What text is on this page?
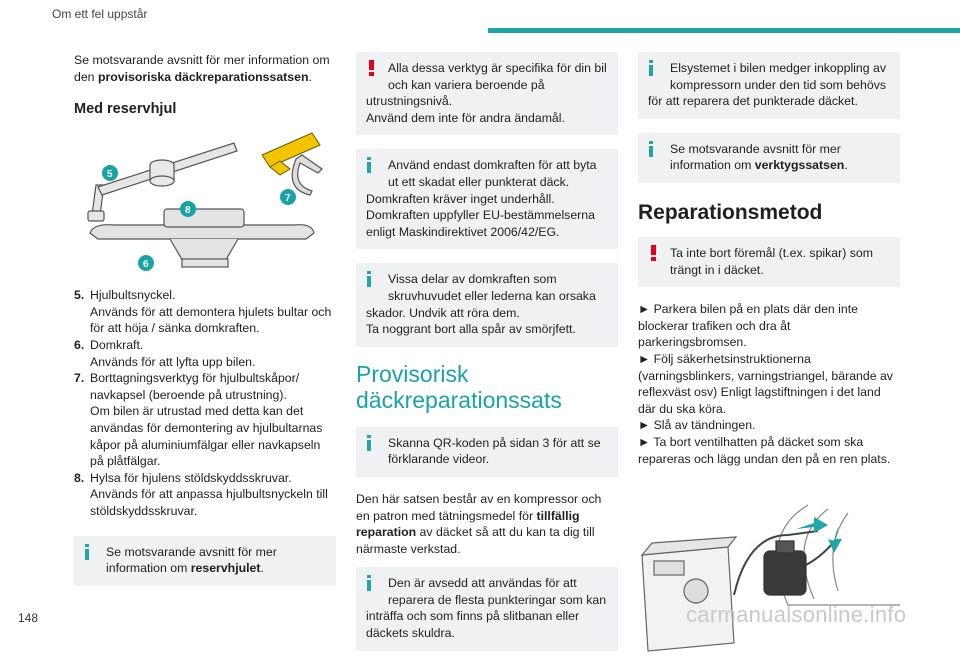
Om ett fel uppstår

Se motsvarande avsnitt för mer information om den provisoriska däckreparationssatsen.

Med reservhjul
5
8
7
6
5. Hjulbultsnyckel.
Används för att demontera hjulets bultar och för att höja / sänka domkraften.
6. Domkraft.
Används för att lyfta upp bilen.
7. Borttagningsverktyg för hjulbultskåpor/ navkapsel (beroende på utrustning).
Om bilen är utrustad med detta kan det användas för demontering av hjulbultarnas kåpor på aluminiumfälgar eller navkapseln på plåtfälgar.
8. Hylsa för hjulens stöldskyddsskruvar.
Används för att anpassa hjulbultsnyckeln till stöldskyddsskruvar.
Se motsvarande avsnitt för mer information om reservhjulet.
Alla dessa verktyg är specifika för din bil och kan variera beroende på
utrustningsnivå.
Använd dem inte för andra ändamål.
Använd endast domkraften för att byta ut ett skadat eller punkterat däck.
Domkraften kräver inget underhåll.
Domkraften uppfyller EU-bestämmelserna enligt Maskindirektivet 2006/42/EG.
Vissa delar av domkraften som skruvhuvudet eller lederna kan orsaka
skador. Undvik att röra dem.
Ta noggrant bort alla spår av smörjfett.
Provisorisk däckreparationssats
Skanna QR-koden på sidan 3 för att se förklarande videor.

Den här satsen består av en kompressor och en patron med tätningsmedel för tillfällig reparation av däcket så att du kan ta dig till närmaste verkstad.

Den är avsedd att användas för att reparera de flesta punkteringar som kan
inträffa och som finns på slitbanan eller däckets skuldra.
Elsystemet i bilen medger inkoppling av kompressorn under den tid som behövs
för att reparera det punkterade däcket.
Se motsvarande avsnitt för mer information om verktygssatsen.
Reparationsmetod
Ta inte bort föremål (t.ex. spikar) som trängt in i däcket.

► Parkera bilen på en plats där den inte blockerar trafiken och dra åt parkeringsbromsen.

► Följ säkerhetsinstruktionerna (varningsblinkers, varningstriangel, bärande av reflexväst osv) Enligt lagstiftningen i det land där du ska köra.

► Slå av tändningen.

► Ta bort ventilhatten på däcket som ska repareras och lägg undan den på en ren plats.

148	carmanualsonline.info
